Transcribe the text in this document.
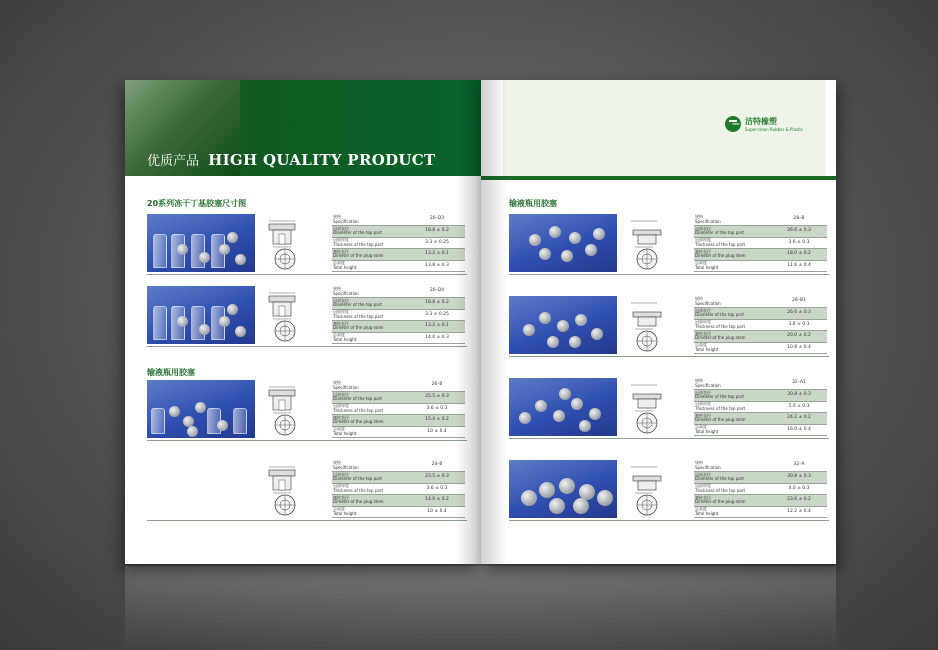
优质产品 HIGH QUALITY PRODUCT
20系列冻干丁基胶塞尺寸图
输液瓶用胶塞
规格
Specification	20–D3
冠部直径
Diameter of the top part	18.8 ± 0.2
冠部厚度
Thickness of the top part	3.3 ± 0.25
塞柱直径
Dimeter of the plug stem	13.2 ± 0.1
总高度
Total height	13.8 ± 0.3
规格
Specification	20–D4
冠部直径
Diameter of the top part	18.8 ± 0.2
冠部厚度
Thickness of the top part	3.3 ± 0.25
塞柱直径
Dimeter of the plug stem	13.2 ± 0.1
总高度
Total height	14.0 ± 0.3
规格
Specification	26–B
冠部直径
Diameter of the top part	25.5 ± 0.3
冠部厚度
Thickness of the top part	3.6 ± 0.3
塞柱直径
Dimeter of the plug stem	15.4 ± 0.2
总高度
Total height	10 ± 0.4
规格
Specification	24–B
冠部直径
Diameter of the top part	23.5 ± 0.3
冠部厚度
Thickness of the top part	3.6 ± 0.3
塞柱直径
Dimeter of the plug stem	14.0 ± 0.2
总高度
Total height	10 ± 0.4
洁特橡塑
Super-clean Rubber & Plastic
输液瓶用胶塞
规格
Specification	28–B
冠部直径
Diameter of the top part	26.6 ± 0.3
冠部厚度
Thickness of the top part	3.6 ± 0.3
塞柱直径
Dimeter of the plug stem	18.0 ± 0.2
总高度
Total height	11.6 ± 0.4
规格
Specification	28–B1
冠部直径
Diameter of the top part	26.6 ± 0.3
冠部厚度
Thickness of the top part	3.6 ± 0.3
塞柱直径
Dimeter of the plug stem	20.0 ± 0.2
总高度
Total height	10.8 ± 0.4
规格
Specification	32–A1
冠部直径
Diameter of the top part	30.8 ± 0.3
冠部厚度
Thickness of the top part	5.0 ± 0.3
塞柱直径
Dimeter of the plug stem	24.2 ± 0.2
总高度
Total height	16.0 ± 0.4
规格
Specification	32–A
冠部直径
Diameter of the top part	30.8 ± 0.3
冠部厚度
Thickness of the top part	4.0 ± 0.3
塞柱直径
Dimeter of the plug stem	23.6 ± 0.2
总高度
Total height	12.2 ± 0.4
